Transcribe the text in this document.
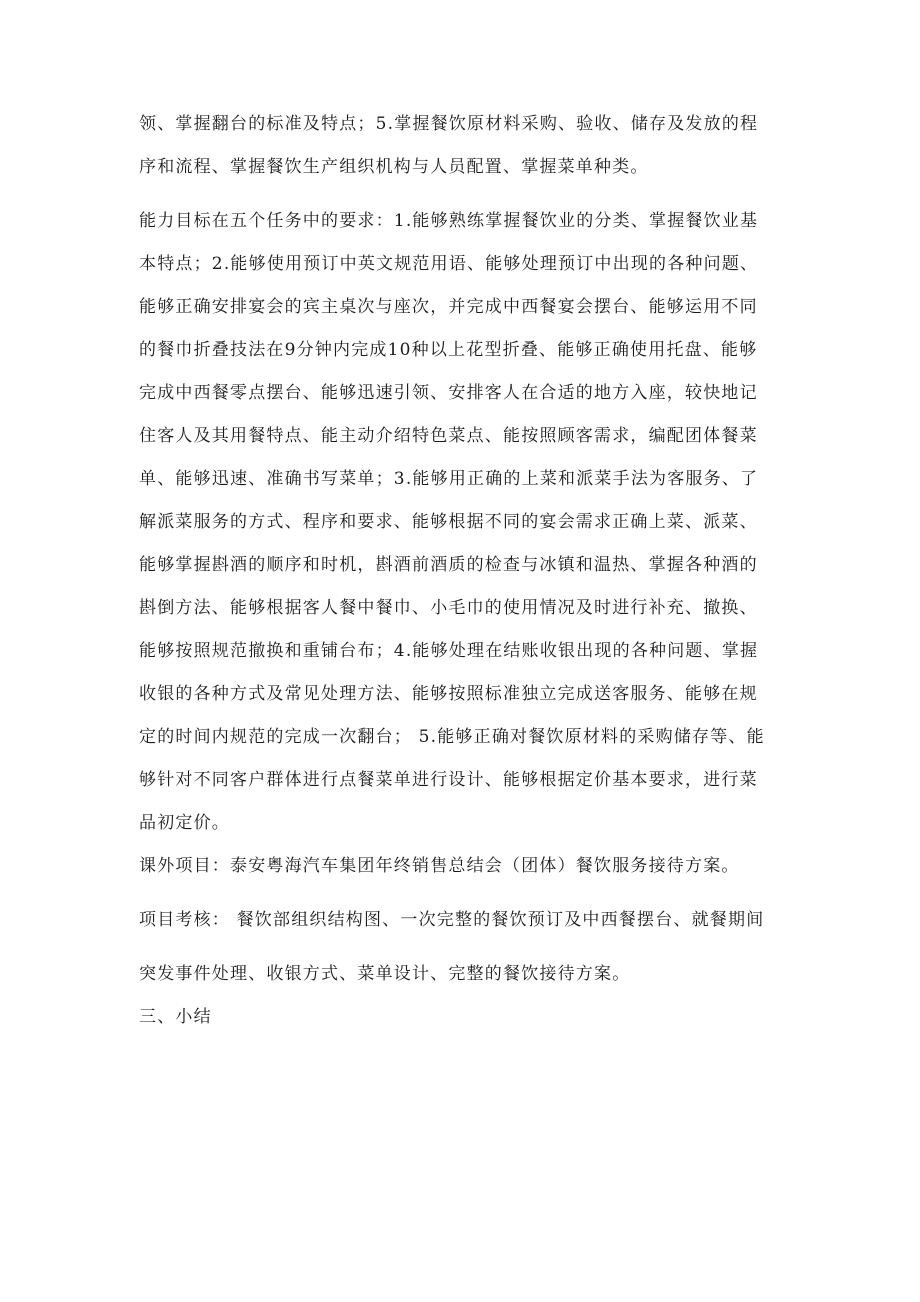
领、掌握翻台的标准及特点；5.掌握餐饮原材料采购、验收、储存及发放的程
序和流程、掌握餐饮生产组织机构与人员配置、掌握菜单种类。
能力目标在五个任务中的要求：1.能够熟练掌握餐饮业的分类、掌握餐饮业基
本特点；2.能够使用预订中英文规范用语、能够处理预订中出现的各种问题、
能够正确安排宴会的宾主桌次与座次，并完成中西餐宴会摆台、能够运用不同
的餐巾折叠技法在9分钟内完成10种以上花型折叠、能够正确使用托盘、能够
完成中西餐零点摆台、能够迅速引领、安排客人在合适的地方入座，较快地记
住客人及其用餐特点、能主动介绍特色菜点、能按照顾客需求，编配团体餐菜
单、能够迅速、准确书写菜单；3.能够用正确的上菜和派菜手法为客服务、了
解派菜服务的方式、程序和要求、能够根据不同的宴会需求正确上菜、派菜、
能够掌握斟酒的顺序和时机，斟酒前酒质的检查与冰镇和温热、掌握各种酒的
斟倒方法、能够根据客人餐中餐巾、小毛巾的使用情况及时进行补充、撤换、
能够按照规范撤换和重铺台布；4.能够处理在结账收银出现的各种问题、掌握
收银的各种方式及常见处理方法、能够按照标准独立完成送客服务、能够在规
定的时间内规范的完成一次翻台； 5.能够正确对餐饮原材料的采购储存等、能
够针对不同客户群体进行点餐菜单进行设计、能够根据定价基本要求，进行菜
品初定价。
课外项目：泰安粤海汽车集团年终销售总结会（团体）餐饮服务接待方案。
项目考核： 餐饮部组织结构图、一次完整的餐饮预订及中西餐摆台、就餐期间
突发事件处理、收银方式、菜单设计、完整的餐饮接待方案。
三、小结
